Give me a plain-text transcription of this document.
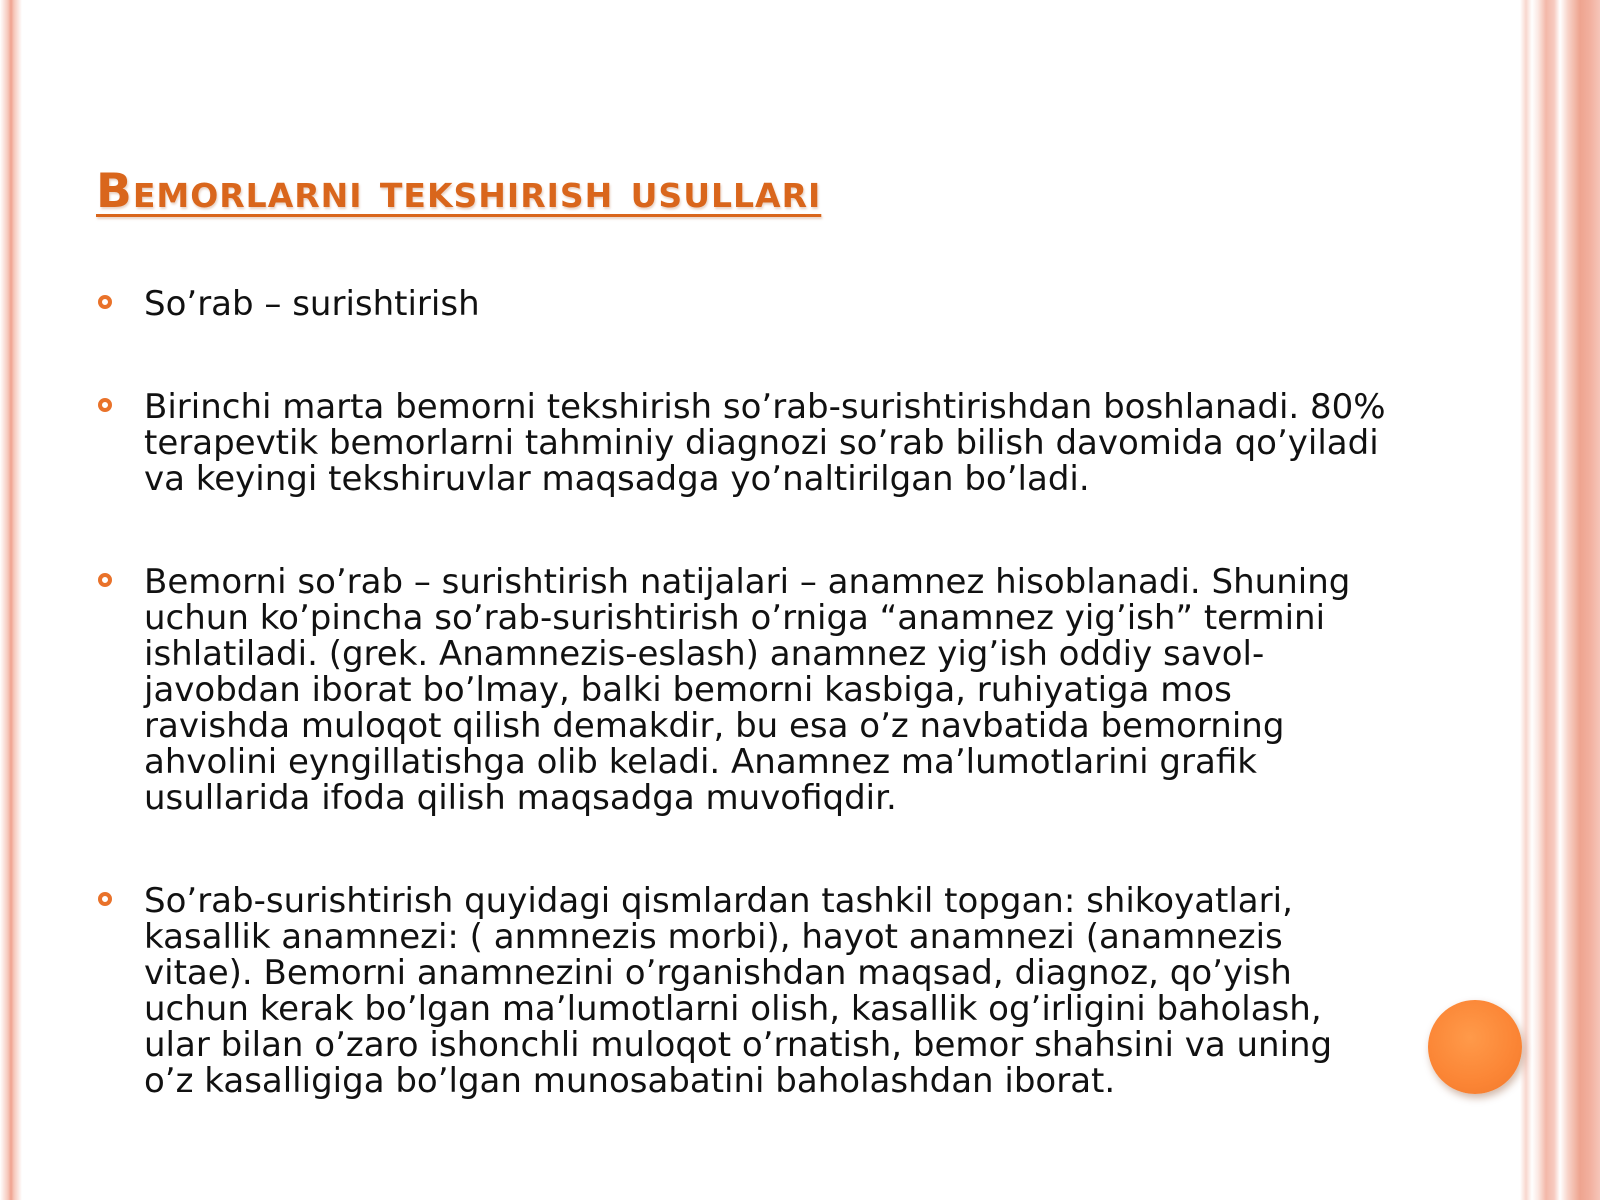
Bemorlarni tekshirish usullari
So’rab – surishtirish
Birinchi marta bemorni tekshirish so’rab-surishtirishdan boshlanadi. 80% terapevtik bemorlarni tahminiy diagnozi so’rab bilish davomida qo’yiladi va keyingi tekshiruvlar maqsadga yo’naltirilgan bo’ladi.
Bemorni so’rab – surishtirish natijalari – anamnez hisoblanadi. Shuning uchun ko’pincha so’rab-surishtirish o’rniga “anamnez yig’ish” termini ishlatiladi. (grek. Anamnezis-eslash) anamnez yig’ish oddiy savol-javobdan iborat bo’lmay, balki bemorni kasbiga, ruhiyatiga mos ravishda muloqot qilish demakdir, bu esa o’z navbatida bemorning ahvolini eyngillatishga olib keladi. Anamnez ma’lumotlarini grafik usullarida ifoda qilish maqsadga muvofiqdir.
So’rab-surishtirish quyidagi qismlardan tashkil topgan: shikoyatlari, kasallik anamnezi: ( anmnezis morbi), hayot anamnezi (anamnezis vitae). Bemorni anamnezini o’rganishdan maqsad, diagnoz, qo’yish uchun kerak bo’lgan ma’lumotlarni olish, kasallik og’irligini baholash, ular bilan o’zaro ishonchli muloqot o’rnatish, bemor shahsini va uning o’z kasalligiga bo’lgan munosabatini baholashdan iborat.
